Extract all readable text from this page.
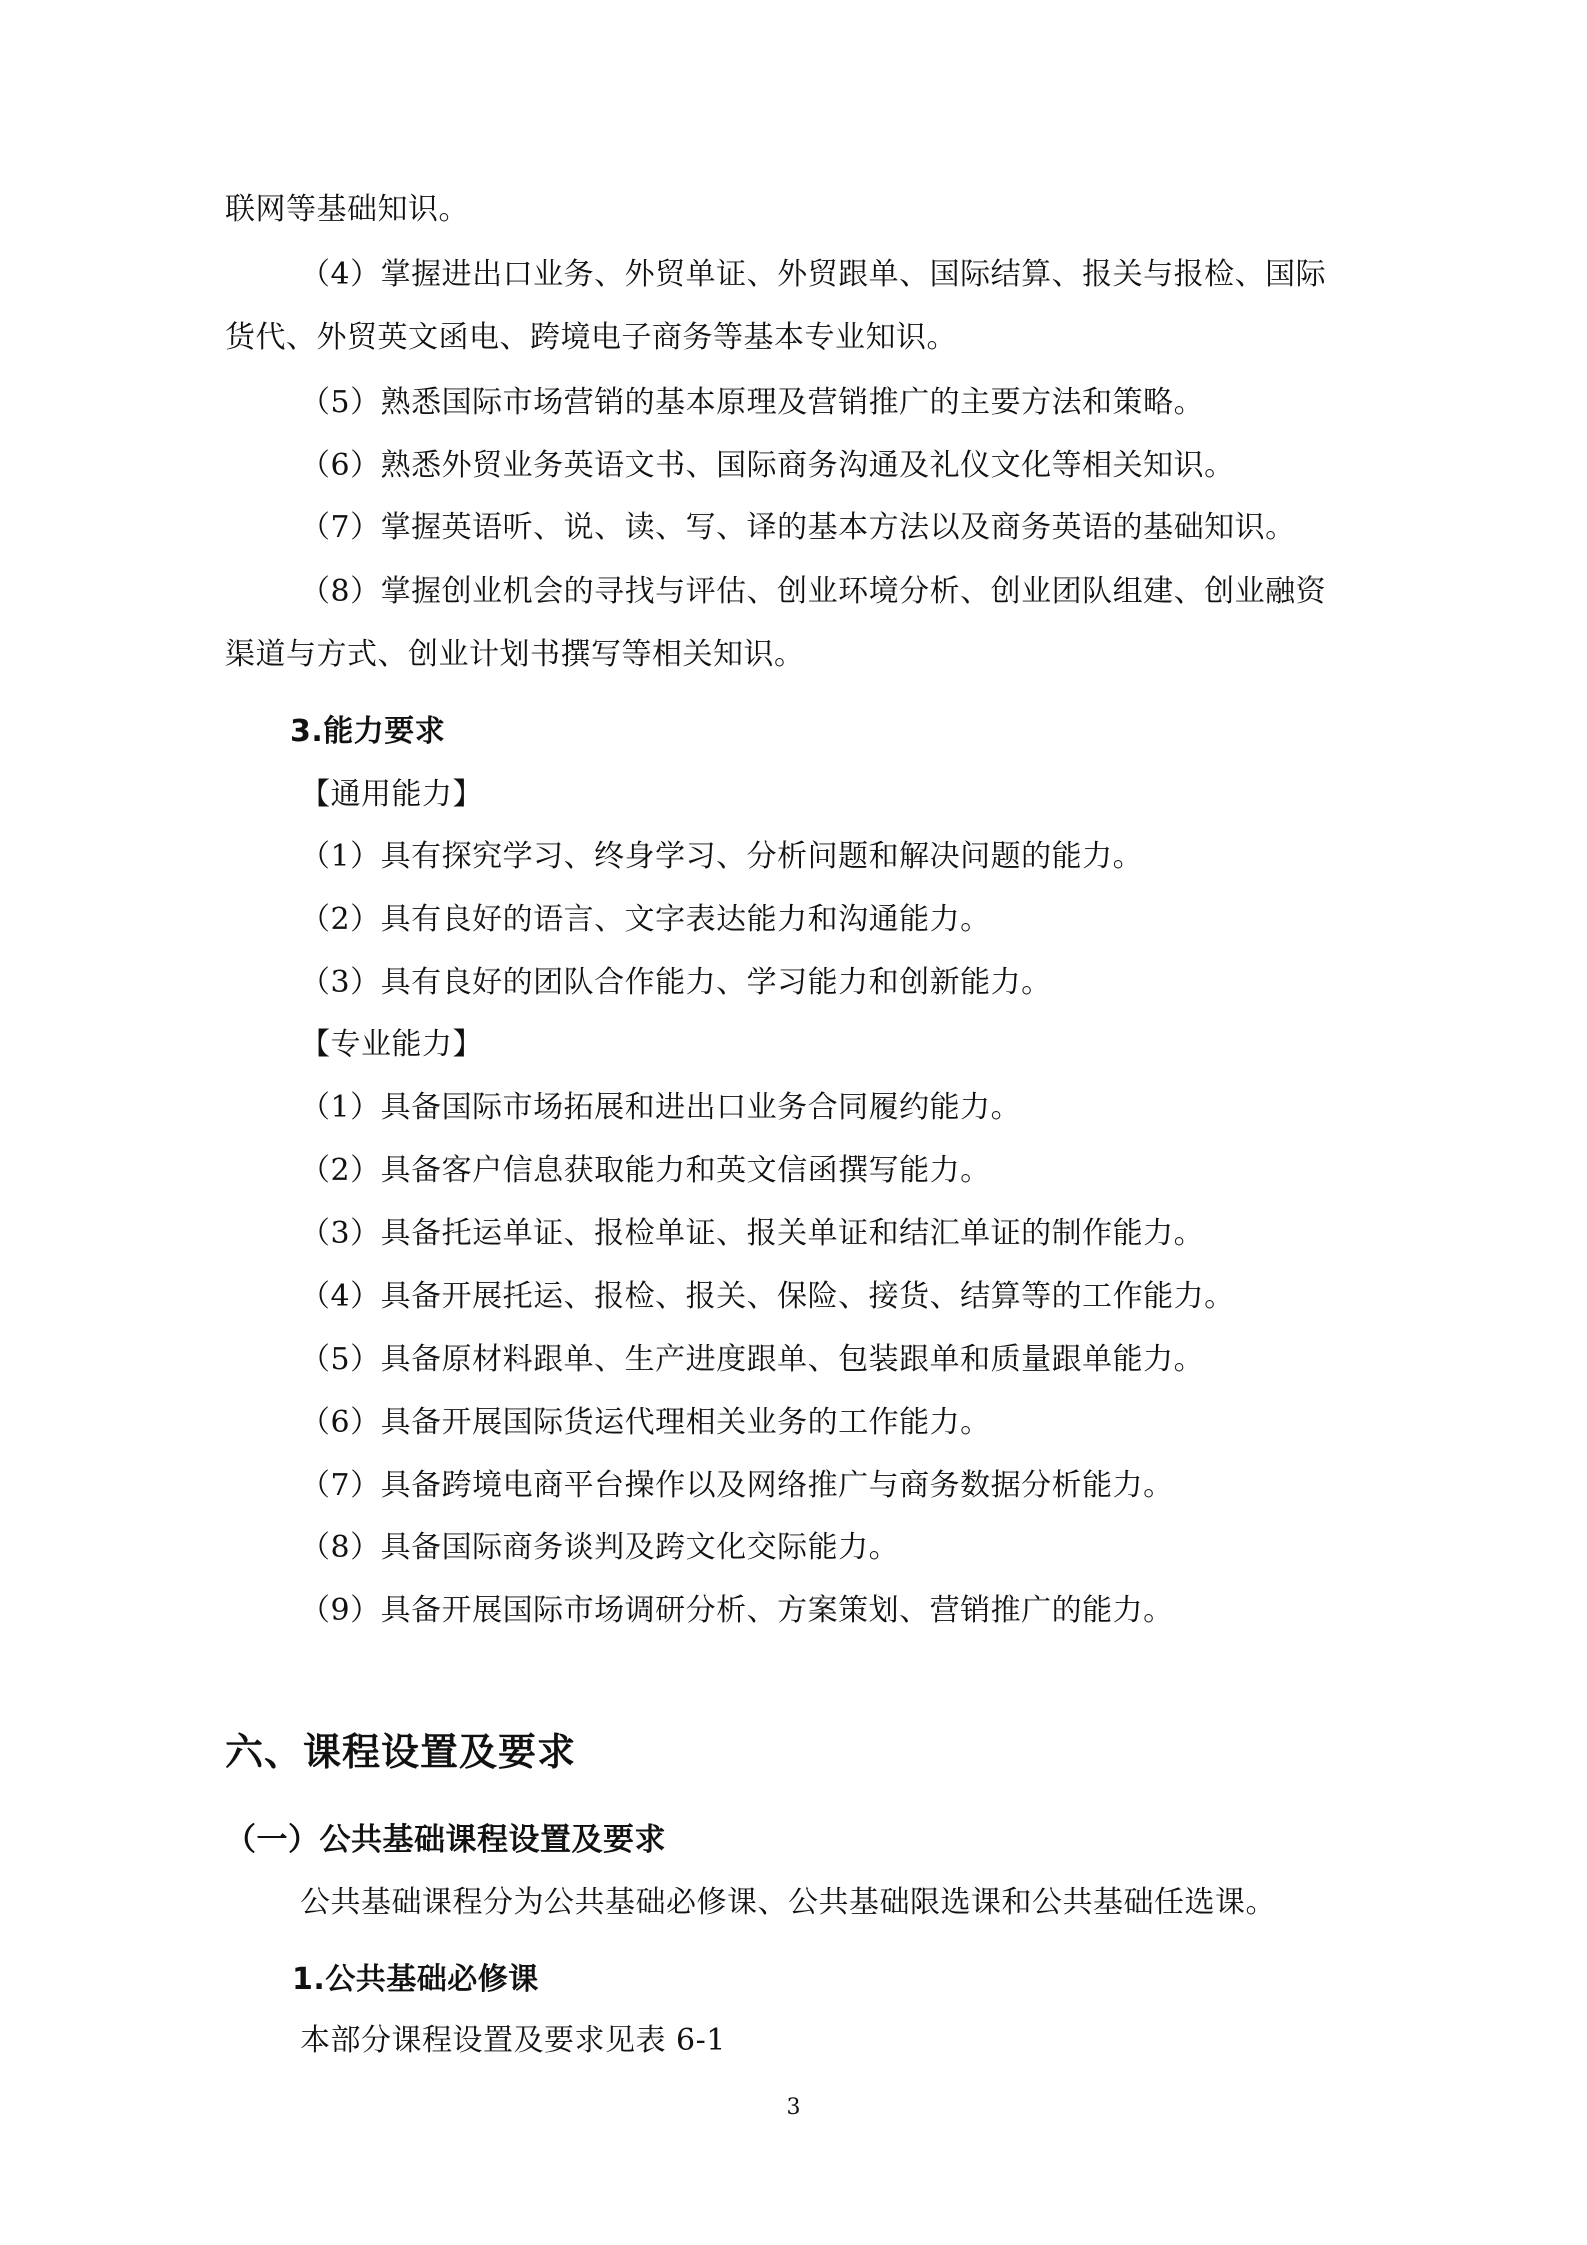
联网等基础知识。
（4）掌握进出口业务、外贸单证、外贸跟单、国际结算、报关与报检、国际
货代、外贸英文函电、跨境电子商务等基本专业知识。
（5）熟悉国际市场营销的基本原理及营销推广的主要方法和策略。
（6）熟悉外贸业务英语文书、国际商务沟通及礼仪文化等相关知识。
（7）掌握英语听、说、读、写、译的基本方法以及商务英语的基础知识。
（8）掌握创业机会的寻找与评估、创业环境分析、创业团队组建、创业融资
渠道与方式、创业计划书撰写等相关知识。
3.能力要求
【通用能力】
（1）具有探究学习、终身学习、分析问题和解决问题的能力。
（2）具有良好的语言、文字表达能力和沟通能力。
（3）具有良好的团队合作能力、学习能力和创新能力。
【专业能力】
（1）具备国际市场拓展和进出口业务合同履约能力。
（2）具备客户信息获取能力和英文信函撰写能力。
（3）具备托运单证、报检单证、报关单证和结汇单证的制作能力。
（4）具备开展托运、报检、报关、保险、接货、结算等的工作能力。
（5）具备原材料跟单、生产进度跟单、包装跟单和质量跟单能力。
（6）具备开展国际货运代理相关业务的工作能力。
（7）具备跨境电商平台操作以及网络推广与商务数据分析能力。
（8）具备国际商务谈判及跨文化交际能力。
（9）具备开展国际市场调研分析、方案策划、营销推广的能力。
六、课程设置及要求
（一）公共基础课程设置及要求
公共基础课程分为公共基础必修课、公共基础限选课和公共基础任选课。
1.公共基础必修课
本部分课程设置及要求见表 6-1
3
